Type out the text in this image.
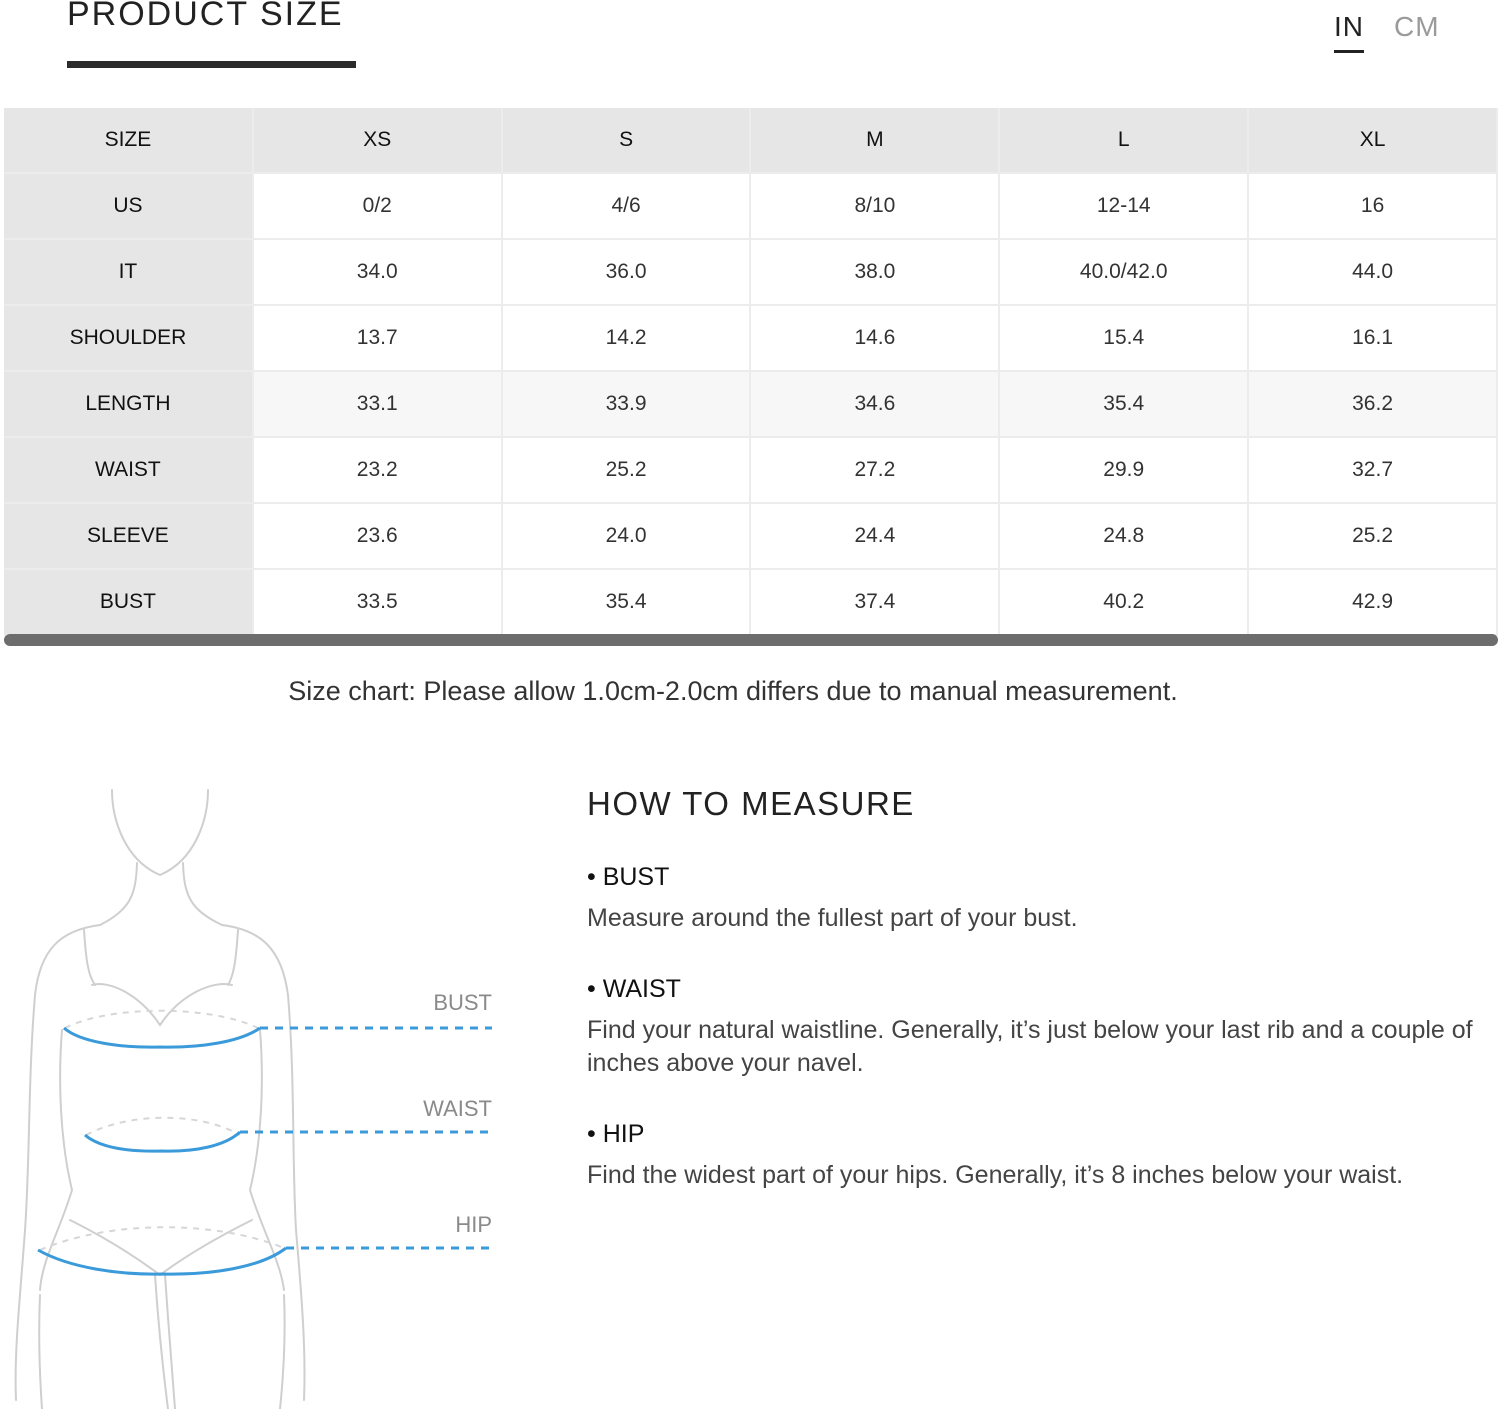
PRODUCT SIZE	IN CM
SIZE	XS	S	M	L	XL
US	0/2	4/6	8/10	12-14	16
IT	34.0	36.0	38.0	40.0/42.0	44.0
SHOULDER	13.7	14.2	14.6	15.4	16.1
LENGTH	33.1	33.9	34.6	35.4	36.2
WAIST	23.2	25.2	27.2	29.9	32.7
SLEEVE	23.6	24.0	24.4	24.8	25.2
BUST	33.5	35.4	37.4	40.2	42.9
Size chart: Please allow 1.0cm-2.0cm differs due to manual measurement.
BUST
WAIST
HIP
HOW TO MEASURE
• BUST
Measure around the fullest part of your bust.
• WAIST
Find your natural waistline. Generally, it’s just below your last rib and a couple of inches above your navel.
• HIP
Find the widest part of your hips. Generally, it’s 8 inches below your waist.
